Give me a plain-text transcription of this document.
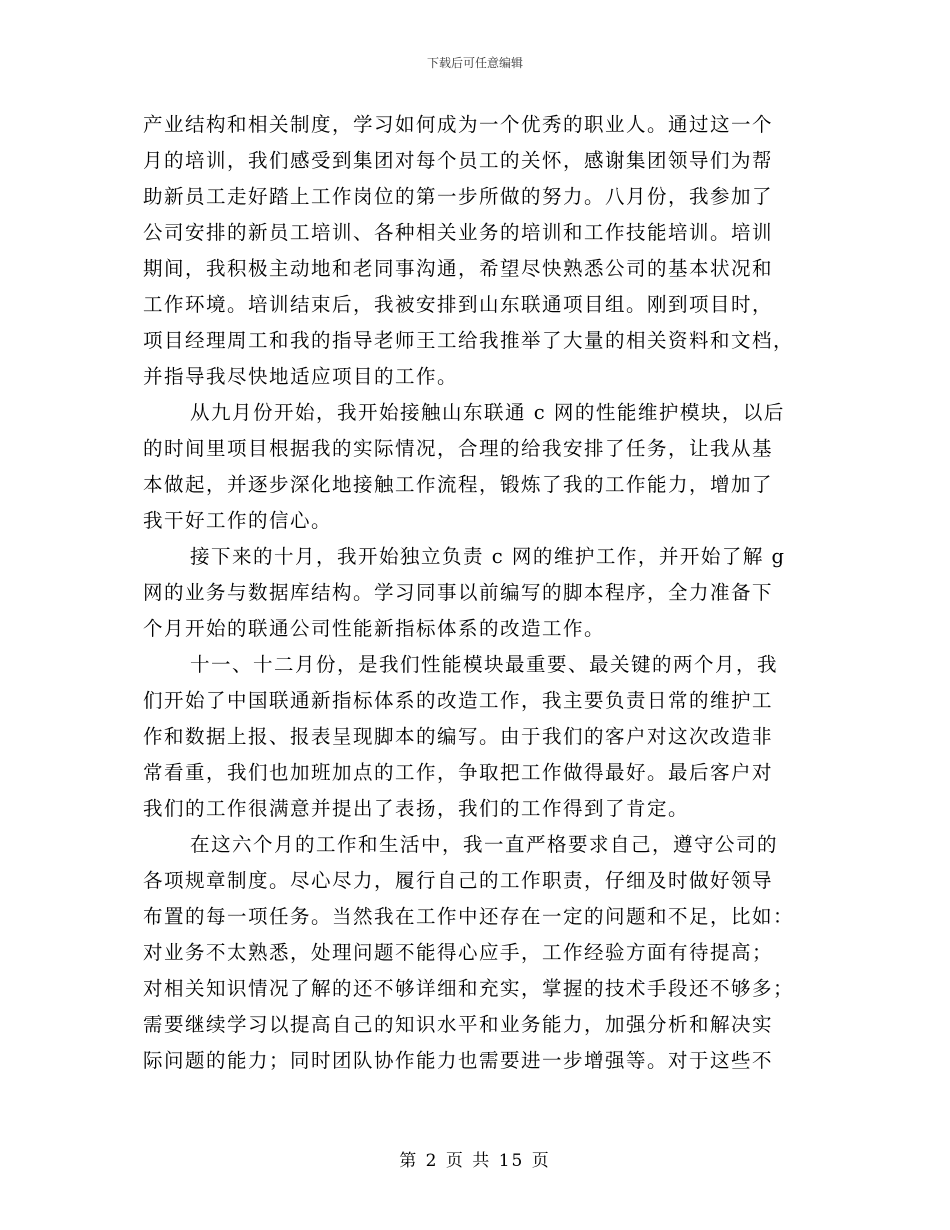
下载后可任意编辑
产业结构和相关制度，学习如何成为一个优秀的职业人。通过这一个
月的培训，我们感受到集团对每个员工的关怀，感谢集团领导们为帮
助新员工走好踏上工作岗位的第一步所做的努力。八月份，我参加了
公司安排的新员工培训、各种相关业务的培训和工作技能培训。培训
期间，我积极主动地和老同事沟通，希望尽快熟悉公司的基本状况和
工作环境。培训结束后，我被安排到山东联通项目组。刚到项目时，
项目经理周工和我的指导老师王工给我推举了大量的相关资料和文档，
并指导我尽快地适应项目的工作。
从九月份开始，我开始接触山东联通 c 网的性能维护模块，以后
的时间里项目根据我的实际情况，合理的给我安排了任务，让我从基
本做起，并逐步深化地接触工作流程，锻炼了我的工作能力，增加了
我干好工作的信心。
接下来的十月，我开始独立负责 c 网的维护工作，并开始了解 g
网的业务与数据库结构。学习同事以前编写的脚本程序，全力准备下
个月开始的联通公司性能新指标体系的改造工作。
十一、十二月份，是我们性能模块最重要、最关键的两个月，我
们开始了中国联通新指标体系的改造工作，我主要负责日常的维护工
作和数据上报、报表呈现脚本的编写。由于我们的客户对这次改造非
常看重，我们也加班加点的工作，争取把工作做得最好。最后客户对
我们的工作很满意并提出了表扬，我们的工作得到了肯定。
在这六个月的工作和生活中，我一直严格要求自己，遵守公司的
各项规章制度。尽心尽力，履行自己的工作职责，仔细及时做好领导
布置的每一项任务。当然我在工作中还存在一定的问题和不足，比如：
对业务不太熟悉，处理问题不能得心应手，工作经验方面有待提高；
对相关知识情况了解的还不够详细和充实，掌握的技术手段还不够多；
需要继续学习以提高自己的知识水平和业务能力，加强分析和解决实
际问题的能力；同时团队协作能力也需要进一步增强等。对于这些不
第 2 页 共 15 页
